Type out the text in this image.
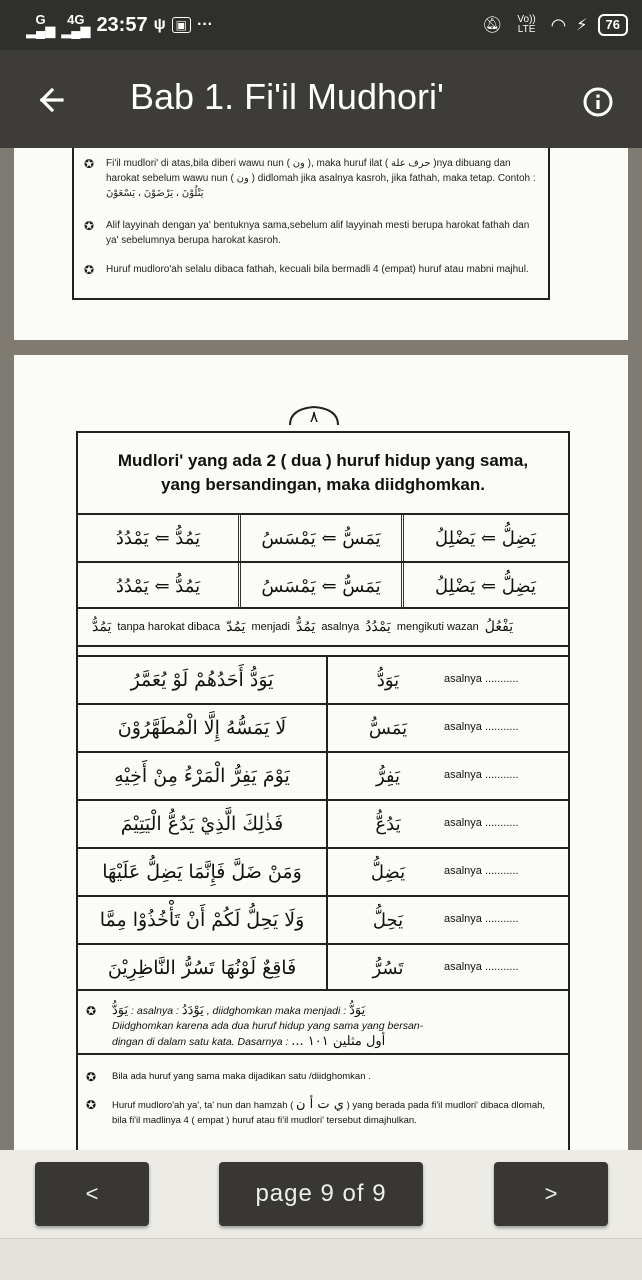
G
▂▄▆
4G
▂▄▆ 23:57 ψ ▣ ···	🔕︎	Vo)) LTE ◠ ⚡	76
Bab 1. Fi'il Mudhori'
✪ Fi'il mudlori' di atas,bila diberi wawu nun ( ون ), maka huruf ilat ( حرف علة )nya dibuang dan harokat sebelum wawu nun ( ون ) didlomah jika asalnya kasroh, jika fathah, maka tetap. Contoh : يَتْلُوْنَ ، يَرْضَوْنَ ، يَسْعَوْنَ
✪ Alif layyinah dengan ya' bentuknya sama,sebelum alif layyinah mesti berupa harokat fathah dan ya' sebelumnya berupa harokat kasroh.
✪ Huruf mudloro'ah selalu dibaca fathah, kecuali bila bermadli 4 (empat) huruf atau mabni majhul.
٨
Mudlori' yang ada 2 ( dua ) huruf hidup yang sama,
yang bersandingan, maka diidghomkan.
يَمُدُّ ⇐ يَمْدُدُ	يَمَسُّ ⇐ يَمْسَسُ	يَضِلُّ ⇐ يَضْلِلُ
يَمُدُّ ⇐ يَمْدُدُ	يَمَسُّ ⇐ يَمْسَسُ	يَضِلُّ ⇐ يَضْلِلُ
يَمُدُّ tanpa harokat dibaca يَمُدّ menjadi يَمُدُّ asalnya يَمْدُدُ mengikuti wazan يَفْعُلُ
يَوَدُّ أَحَدُهُمْ لَوْ يُعَمَّرُ	يَوَدُّ	asalnya ...........
لَا يَمَسُّهُ إِلَّا الْمُطَهَّرُوْنَ	يَمَسُّ	asalnya ...........
يَوْمَ يَفِرُّ الْمَرْءُ مِنْ أَخِيْهِ	يَفِرُّ	asalnya ...........
فَذٰلِكَ الَّذِيْ يَدُعُّ الْيَتِيْمَ	يَدُعُّ	asalnya ...........
وَمَنْ ضَلَّ فَإِنَّمَا يَضِلُّ عَلَيْهَا	يَضِلُّ	asalnya ...........
وَلَا يَحِلُّ لَكُمْ أَنْ تَأْخُذُوْا مِمَّا	يَحِلُّ	asalnya ...........
فَاقِعٌ لَوْنُهَا تَسُرُّ النَّاظِرِيْنَ	تَسُرُّ	asalnya ...........
✪ يَوَدُّ : asalnya : يَوْدَدُ , diidghomkan maka menjadi : يَوَدُّ
Diidghomkan karena ada dua huruf hidup yang sama yang bersan-
dingan di dalam satu kata. Dasarnya : ... أول مثلين ١٠١
✪ Bila ada huruf yang sama maka dijadikan satu /diidghomkan .
✪ Huruf mudloro'ah ya', ta' nun dan hamzah ( ي ت أ ن ) yang berada pada fi'il mudlori' dibaca dlomah, bila fi'il madlinya 4 ( empat ) huruf atau fi'il mudlori' tersebut dimajhulkan.
<	page 9 of 9	>
